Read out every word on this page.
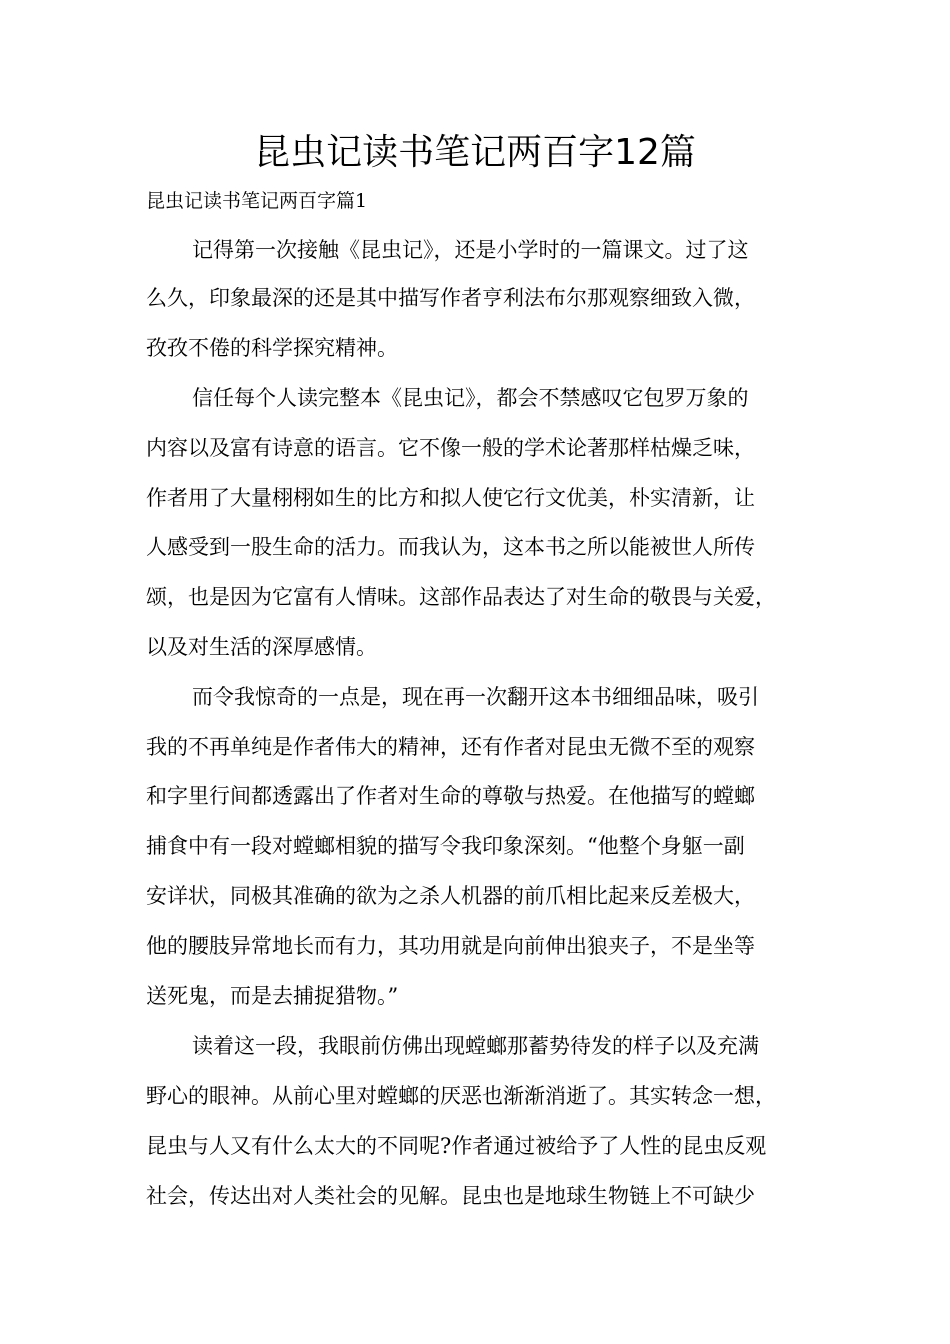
昆虫记读书笔记两百字12篇
昆虫记读书笔记两百字篇1
记得第一次接触《昆虫记》，还是小学时的一篇课文。过了这
么久，印象最深的还是其中描写作者亨利法布尔那观察细致入微，
孜孜不倦的科学探究精神。
信任每个人读完整本《昆虫记》，都会不禁感叹它包罗万象的
内容以及富有诗意的语言。它不像一般的学术论著那样枯燥乏味，
作者用了大量栩栩如生的比方和拟人使它行文优美，朴实清新，让
人感受到一股生命的活力。而我认为，这本书之所以能被世人所传
颂，也是因为它富有人情味。这部作品表达了对生命的敬畏与关爱，
以及对生活的深厚感情。
而令我惊奇的一点是，现在再一次翻开这本书细细品味，吸引
我的不再单纯是作者伟大的精神，还有作者对昆虫无微不至的观察
和字里行间都透露出了作者对生命的尊敬与热爱。在他描写的螳螂
捕食中有一段对螳螂相貌的描写令我印象深刻。“他整个身躯一副
安详状，同极其准确的欲为之杀人机器的前爪相比起来反差极大，
他的腰肢异常地长而有力，其功用就是向前伸出狼夹子，不是坐等
送死鬼，而是去捕捉猎物。”
读着这一段，我眼前仿佛出现螳螂那蓄势待发的样子以及充满
野心的眼神。从前心里对螳螂的厌恶也渐渐消逝了。其实转念一想，
昆虫与人又有什么太大的不同呢?作者通过被给予了人性的昆虫反观
社会，传达出对人类社会的见解。昆虫也是地球生物链上不可缺少
